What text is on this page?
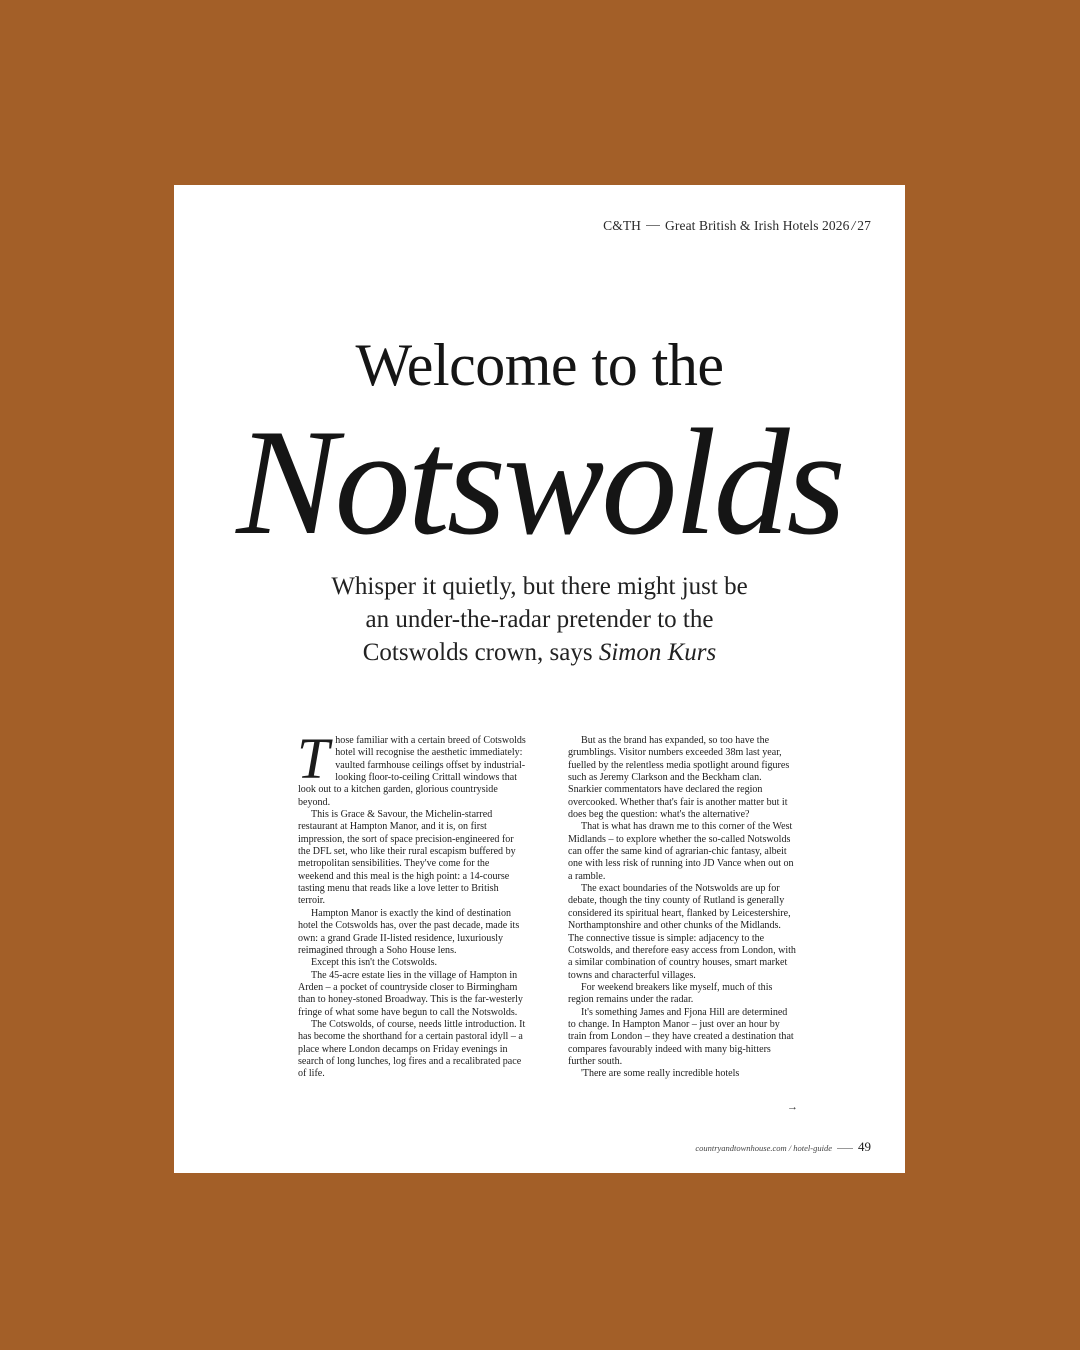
C&TH Great British & Irish Hotels 2026 / 27
Welcome to the
Notswolds
Whisper it quietly, but there might just be
an under-the-radar pretender to the
Cotswolds crown, says Simon Kurs

Those familiar with a certain breed of Cotswolds hotel will recognise the aesthetic immediately: vaulted farmhouse ceilings offset by industrial-looking floor-to-ceiling Crittall windows that look out to a kitchen garden, glorious countryside beyond.

This is Grace & Savour, the Michelin-starred restaurant at Hampton Manor, and it is, on first impression, the sort of space precision-engineered for the DFL set, who like their rural escapism buffered by metropolitan sensibilities. They've come for the weekend and this meal is the high point: a 14-course tasting menu that reads like a love letter to British terroir.

Hampton Manor is exactly the kind of destination hotel the Cotswolds has, over the past decade, made its own: a grand Grade II-listed residence, luxuriously reimagined through a Soho House lens.

Except this isn't the Cotswolds.

The 45-acre estate lies in the village of Hampton in Arden – a pocket of countryside closer to Birmingham than to honey-stoned Broadway. This is the far-westerly fringe of what some have begun to call the Notswolds.

The Cotswolds, of course, needs little introduction. It has become the shorthand for a certain pastoral idyll – a place where London decamps on Friday evenings in search of long lunches, log fires and a recalibrated pace of life.

But as the brand has expanded, so too have the grumblings. Visitor numbers exceeded 38m last year, fuelled by the relentless media spotlight around figures such as Jeremy Clarkson and the Beckham clan. Snarkier commentators have declared the region overcooked. Whether that's fair is another matter but it does beg the question: what's the alternative?

That is what has drawn me to this corner of the West Midlands – to explore whether the so-called Notswolds can offer the same kind of agrarian-chic fantasy, albeit one with less risk of running into JD Vance when out on a ramble.

The exact boundaries of the Notswolds are up for debate, though the tiny county of Rutland is generally considered its spiritual heart, flanked by Leicestershire, Northamptonshire and other chunks of the Midlands. The connective tissue is simple: adjacency to the Cotswolds, and therefore easy access from London, with a similar combination of country houses, smart market towns and characterful villages.

For weekend breakers like myself, much of this region remains under the radar.

It's something James and Fjona Hill are determined to change. In Hampton Manor – just over an hour by train from London – they have created a destination that compares favourably indeed with many big-hitters further south.

'There are some really incredible hotels

→
countryandtownhouse.com / hotel-guide 49
